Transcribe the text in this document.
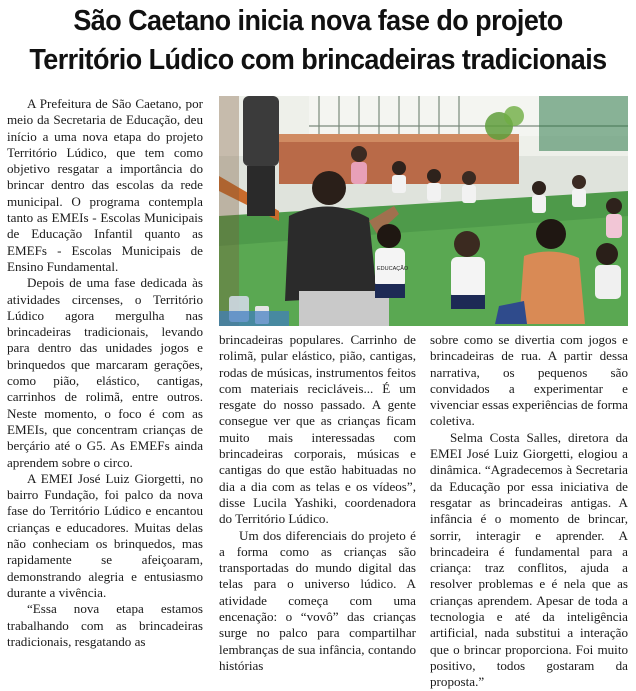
São Caetano inicia nova fase do projeto
Território Lúdico com brincadeiras tradicionais

A Prefeitura de São Caetano, por meio da Secretaria de Educação, deu início a uma nova etapa do projeto Território Lúdico, que tem como objetivo resgatar a importância do brincar dentro das escolas da rede municipal. O programa contempla tanto as EMEIs - Escolas Municipais de Educação Infantil quanto as EMEFs - Escolas Municipais de Ensino Fundamental.

Depois de uma fase dedicada às atividades circenses, o Território Lúdico agora mergulha nas brincadeiras tradicionais, levando para dentro das unidades jogos e brinquedos que marcaram gerações, como pião, elástico, cantigas, carrinhos de rolimã, entre outros. Neste momento, o foco é com as EMEIs, que concentram crianças de berçário até o G5. As EMEFs ainda aprendem sobre o circo.

A EMEI José Luiz Giorgetti, no bairro Fundação, foi palco da nova fase do Território Lúdico e encantou crianças e educadores. Muitas delas não conheciam os brinquedos, mas rapidamente se afeiçoaram, demonstrando alegria e entusiasmo durante a vivência.

“Essa nova etapa estamos trabalhando com as brincadeiras tradicionais, resgatando as

EDUCAÇÃO

brincadeiras populares. Carrinho de rolimã, pular elástico, pião, cantigas, rodas de músicas, instrumentos feitos com materiais recicláveis... É um resgate do nosso passado. A gente consegue ver que as crianças ficam muito mais interessadas com brincadeiras corporais, músicas e cantigas do que estão habituadas no dia a dia com as telas e os vídeos”, disse Lucila Yashiki, coordenadora do Território Lúdico.

Um dos diferenciais do projeto é a forma como as crianças são transportadas do mundo digital das telas para o universo lúdico. A atividade começa com uma encenação: o “vovô” das crianças surge no palco para compartilhar lembranças de sua infância, contando histórias

sobre como se divertia com jogos e brincadeiras de rua. A partir dessa narrativa, os pequenos são convidados a experimentar e vivenciar essas experiências de forma coletiva.

Selma Costa Salles, diretora da EMEI José Luiz Giorgetti, elogiou a dinâmica. “Agradecemos à Secretaria da Educação por essa iniciativa de resgatar as brincadeiras antigas. A infância é o momento de brincar, sorrir, interagir e aprender. A brincadeira é fundamental para a criança: traz conflitos, ajuda a resolver problemas e é nela que as crianças aprendem. Apesar de toda a tecnologia e até da inteligência artificial, nada substitui a interação que o brincar proporciona. Foi muito positivo, todos gostaram da proposta.”
